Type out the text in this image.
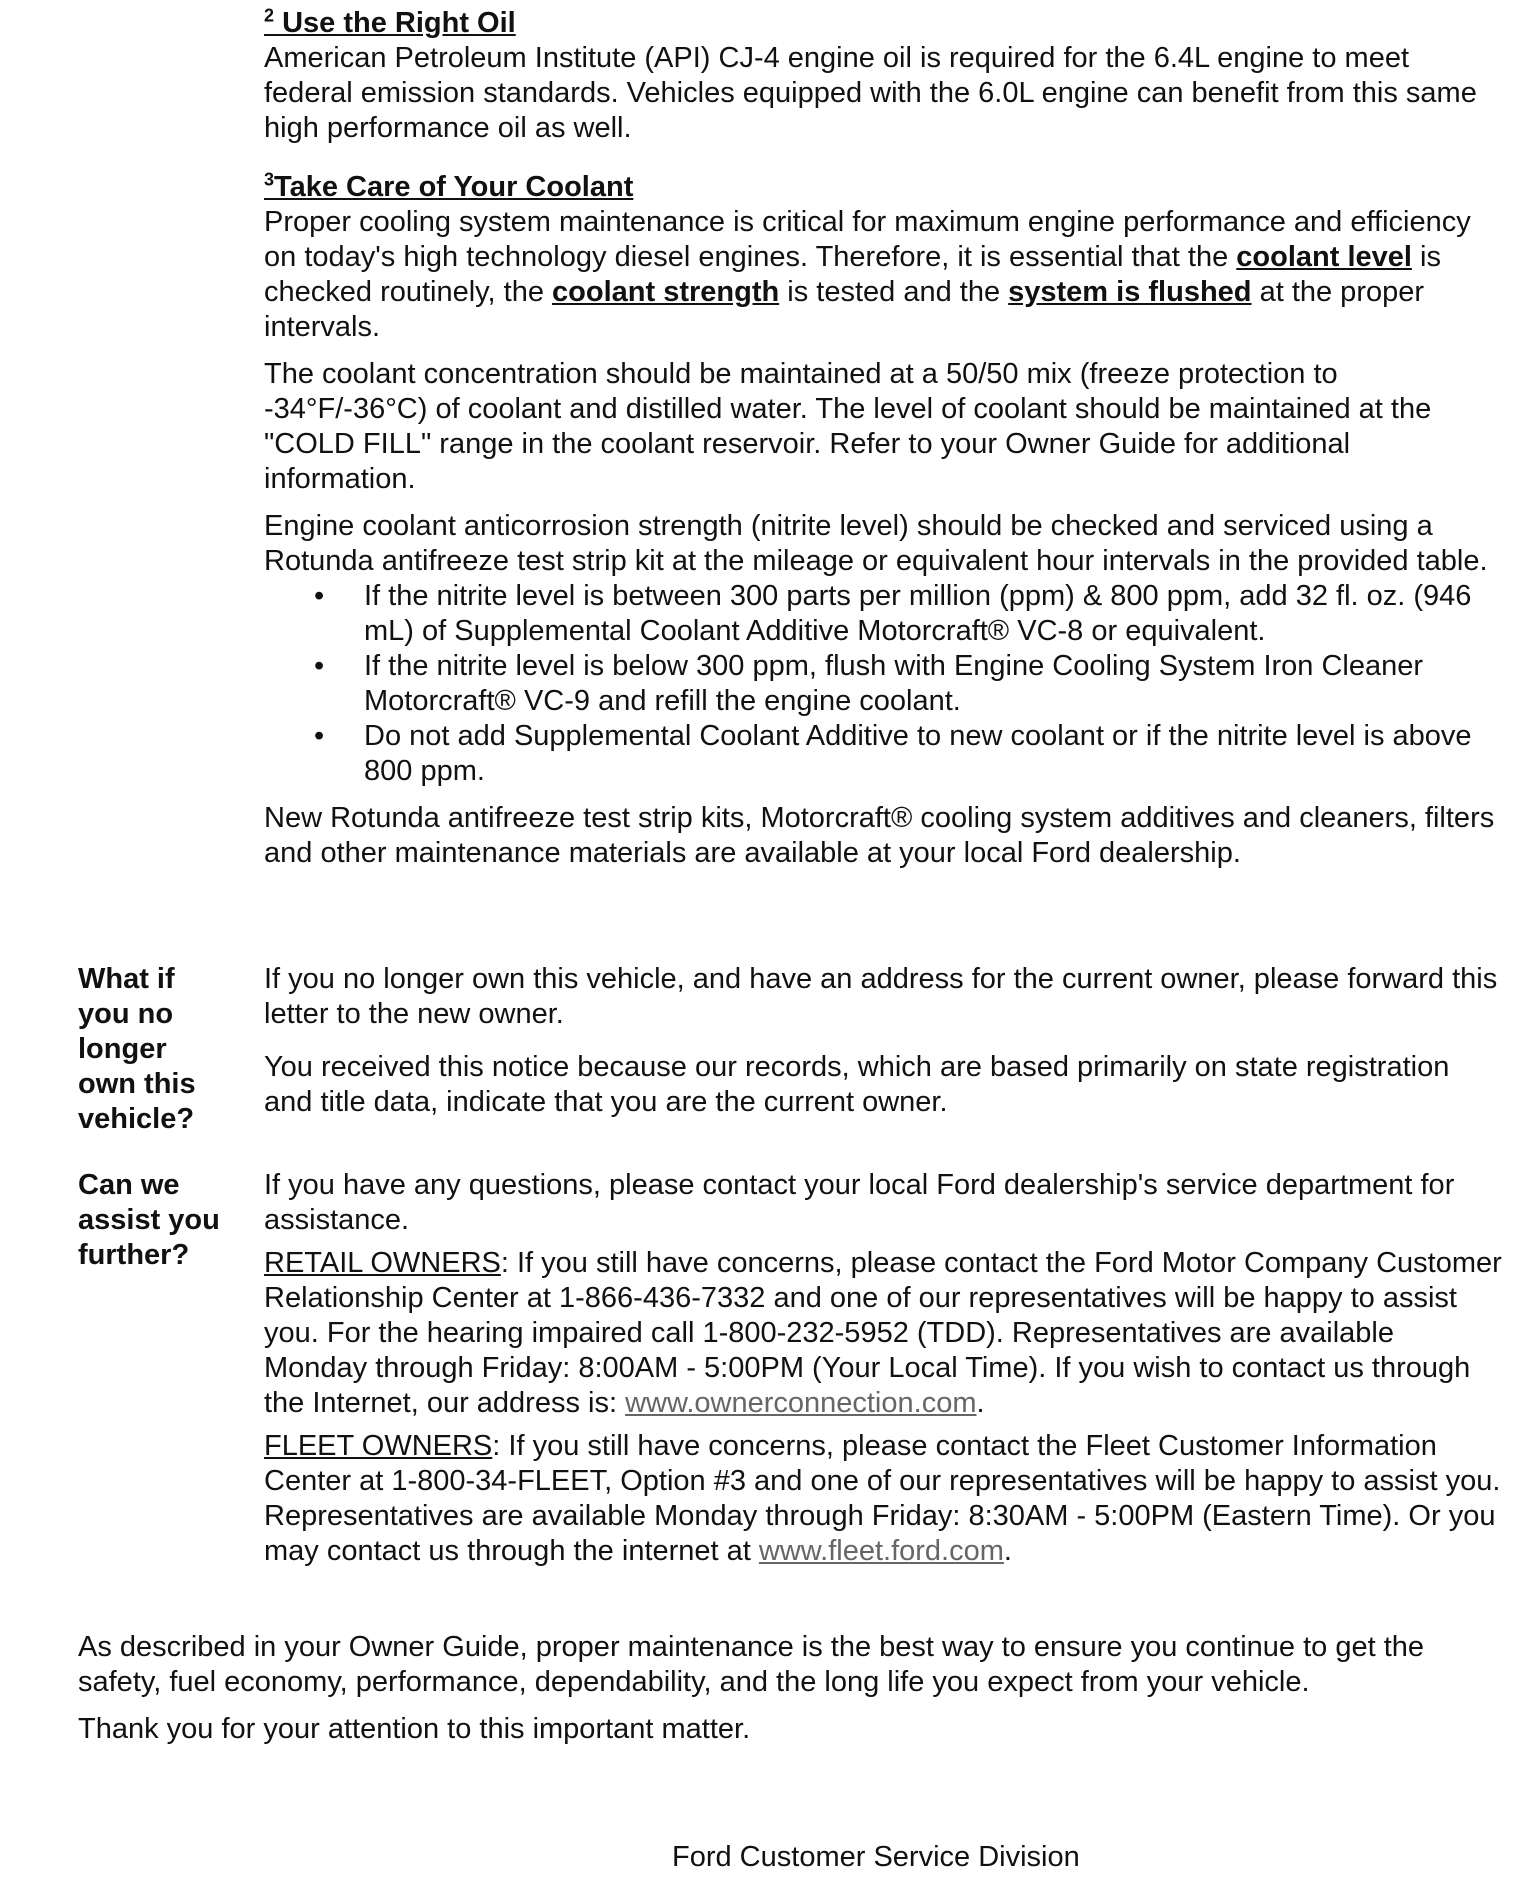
$^2$ Use the Right Oil

American Petroleum Institute (API) CJ-4 engine oil is required for the 6.4L engine to meet federal emission standards. Vehicles equipped with the 6.0L engine can benefit from this same high performance oil as well.

$^3$Take Care of Your Coolant

Proper cooling system maintenance is critical for maximum engine performance and efficiency on today's high technology diesel engines. Therefore, it is essential that the coolant level is checked routinely, the coolant strength is tested and the system is flushed at the proper intervals.

The coolant concentration should be maintained at a 50/50 mix (freeze protection to -34°F/-36°C) of coolant and distilled water. The level of coolant should be maintained at the "COLD FILL" range in the coolant reservoir. Refer to your Owner Guide for additional information.

Engine coolant anticorrosion strength (nitrite level) should be checked and serviced using a Rotunda antifreeze test strip kit at the mileage or equivalent hour intervals in the provided table.

•	If the nitrite level is between 300 parts per million (ppm) & 800 ppm, add 32 fl. oz. (946 mL) of Supplemental Coolant Additive Motorcraft® VC-8 or equivalent.
•	If the nitrite level is below 300 ppm, flush with Engine Cooling System Iron Cleaner Motorcraft® VC-9 and refill the engine coolant.
•	Do not add Supplemental Coolant Additive to new coolant or if the nitrite level is above 800 ppm.

New Rotunda antifreeze test strip kits, Motorcraft® cooling system additives and cleaners, filters and other maintenance materials are available at your local Ford dealership.

What if you no longer own this vehicle?

If you no longer own this vehicle, and have an address for the current owner, please forward this letter to the new owner.

You received this notice because our records, which are based primarily on state registration and title data, indicate that you are the current owner.

Can we assist you further?

If you have any questions, please contact your local Ford dealership's service department for assistance.

RETAIL OWNERS: If you still have concerns, please contact the Ford Motor Company Customer Relationship Center at 1-866-436-7332 and one of our representatives will be happy to assist you. For the hearing impaired call 1-800-232-5952 (TDD). Representatives are available Monday through Friday: 8:00AM - 5:00PM (Your Local Time). If you wish to contact us through the Internet, our address is: www.ownerconnection.com.

FLEET OWNERS: If you still have concerns, please contact the Fleet Customer Information Center at 1-800-34-FLEET, Option #3 and one of our representatives will be happy to assist you. Representatives are available Monday through Friday: 8:30AM - 5:00PM (Eastern Time). Or you may contact us through the internet at www.fleet.ford.com.

As described in your Owner Guide, proper maintenance is the best way to ensure you continue to get the safety, fuel economy, performance, dependability, and the long life you expect from your vehicle.

Thank you for your attention to this important matter.

Ford Customer Service Division
